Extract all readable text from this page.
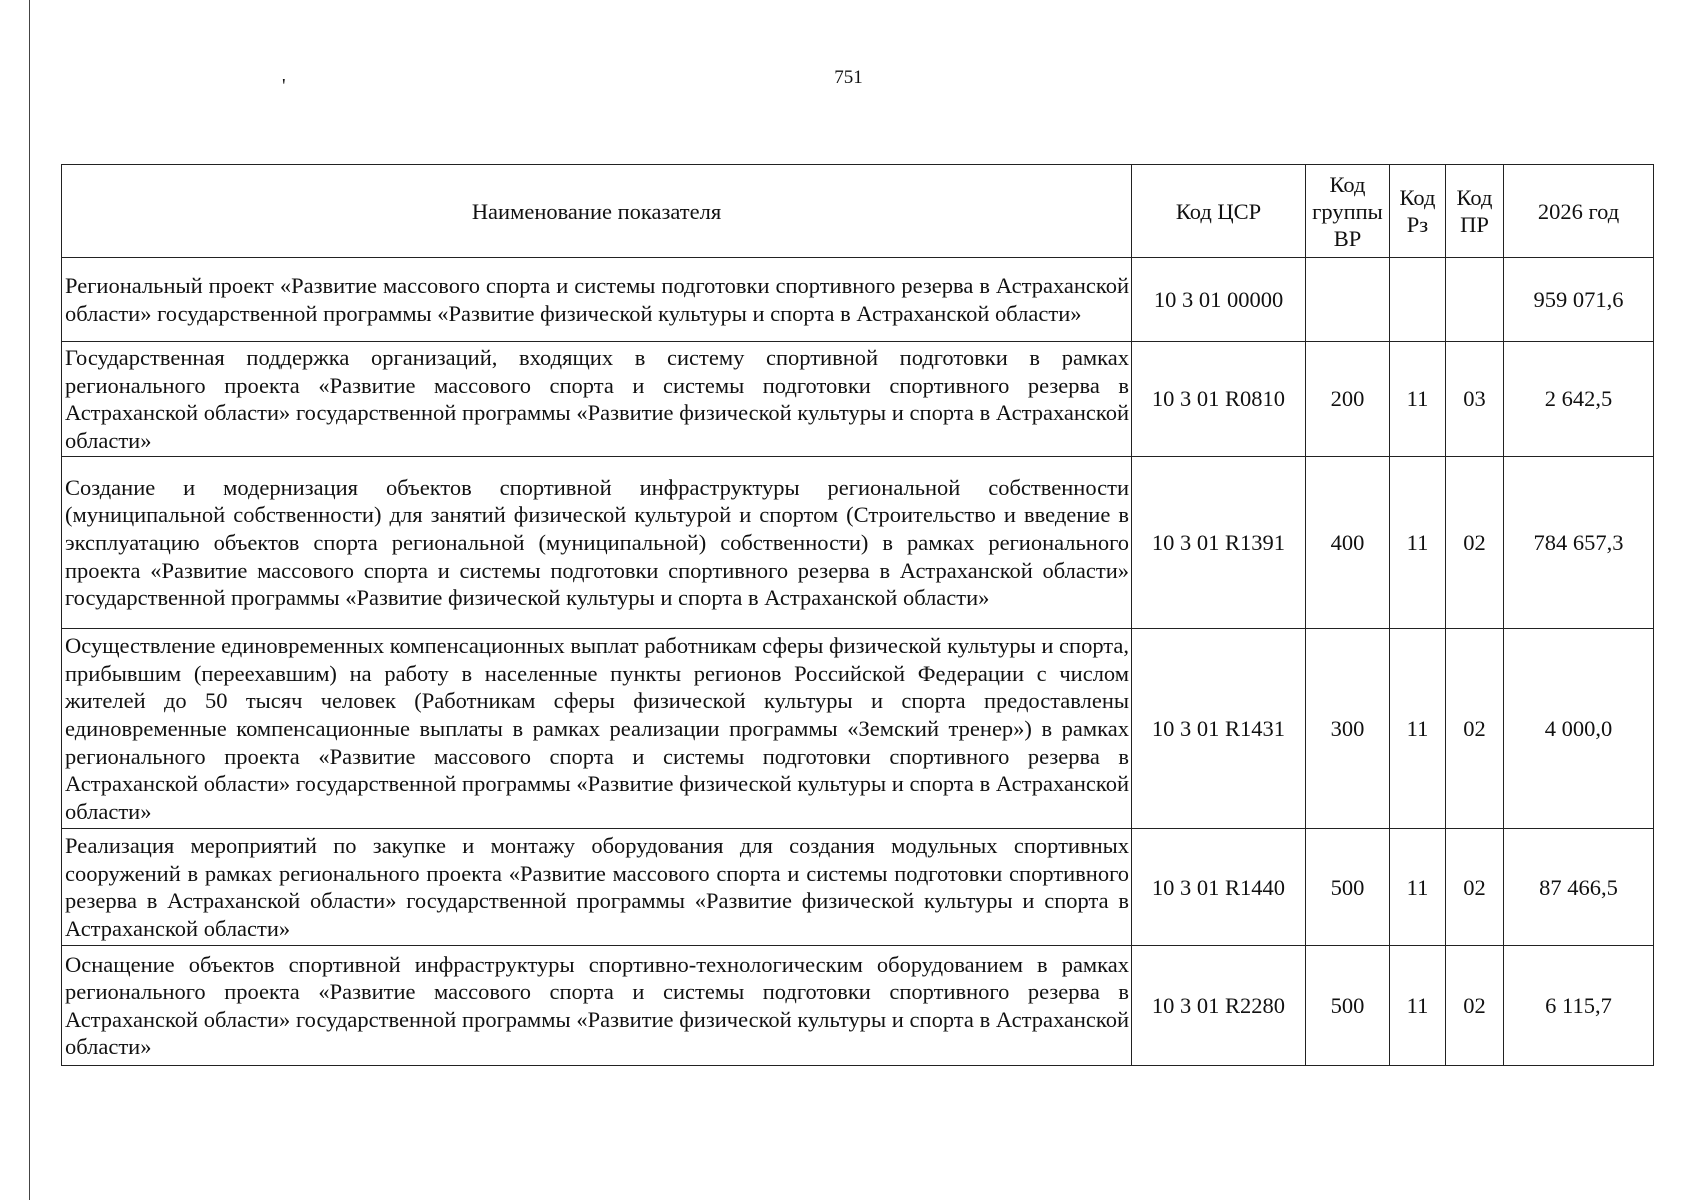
751
'
Наименование показателя	Код ЦСР	Код группы ВР	Код Рз	Код ПР	2026 год
Региональный проект «Развитие массового спорта и системы подготовки спортивного резерва в Астраханской области» государственной программы «Развитие физической культуры и спорта в Астраханской области»	10 3 01 00000				959 071,6
Государственная поддержка организаций, входящих в систему спортивной подготовки в рамках регионального проекта «Развитие массового спорта и системы подготовки спортивного резерва в Астраханской области» государственной программы «Развитие физической культуры и спорта в Астраханской области»	10 3 01 R0810	200	11	03	2 642,5
Создание и модернизация объектов спортивной инфраструктуры региональной собственности (муниципальной собственности) для занятий физической культурой и спортом (Строительство и введение в эксплуатацию объектов спорта региональной (муниципальной) собственности) в рамках регионального проекта «Развитие массового спорта и системы подготовки спортивного резерва в Астраханской области» государственной программы «Развитие физической культуры и спорта в Астраханской области»	10 3 01 R1391	400	11	02	784 657,3
Осуществление единовременных компенсационных выплат работникам сферы физической культуры и спорта, прибывшим (переехавшим) на работу в населенные пункты регионов Российской Федерации с числом жителей до 50 тысяч человек (Работникам сферы физической культуры и спорта предоставлены единовременные компенсационные выплаты в рамках реализации программы «Земский тренер») в рамках регионального проекта «Развитие массового спорта и системы подготовки спортивного резерва в Астраханской области» государственной программы «Развитие физической культуры и спорта в Астраханской области»	10 3 01 R1431	300	11	02	4 000,0
Реализация мероприятий по закупке и монтажу оборудования для создания модульных спортивных сооружений в рамках регионального проекта «Развитие массового спорта и системы подготовки спортивного резерва в Астраханской области» государственной программы «Развитие физической культуры и спорта в Астраханской области»	10 3 01 R1440	500	11	02	87 466,5
Оснащение объектов спортивной инфраструктуры спортивно-технологическим оборудованием в рамках регионального проекта «Развитие массового спорта и системы подготовки спортивного резерва в Астраханской области» государственной программы «Развитие физической культуры и спорта в Астраханской области»	10 3 01 R2280	500	11	02	6 115,7
